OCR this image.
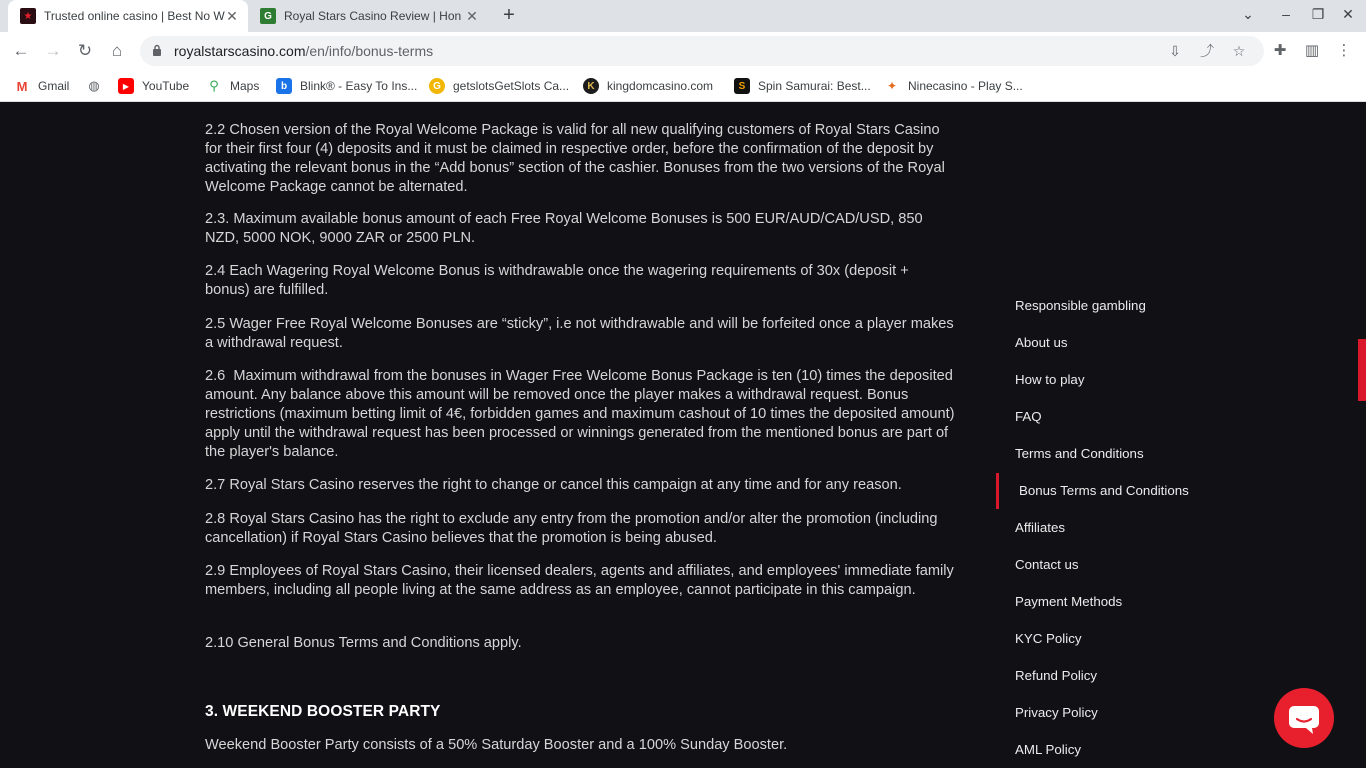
★ Trusted online casino | Best No W ✕	G	Royal Stars Casino Review | Hon ✕ +	⌄	–	❐ ✕
← → ↻	⌂	royalstarscasino.com/en/info/bonus-terms	⇩ ⤴ ☆ ✚ ▥ ⋮
M Gmail ◍	▶	YouTube ⚲ Maps	b	Blink® - Easy To Ins...	G	getslotsGetSlots Ca...	K	kingdomcasino.com	S	Spin Samurai: Best... ✦ Ninecasino - Play S...
2.2 Chosen version of the Royal Welcome Package is valid for all new qualifying customers of Royal Stars Casino for their first four (4) deposits and it must be claimed in respective order, before the confirmation of the deposit by activating the relevant bonus in the “Add bonus” section of the cashier. Bonuses from the two versions of the Royal Welcome Package cannot be alternated.
2.3. Maximum available bonus amount of each Free Royal Welcome Bonuses is 500 EUR/AUD/CAD/USD, 850 NZD, 5000 NOK, 9000 ZAR or 2500 PLN.
2.4 Each Wagering Royal Welcome Bonus is withdrawable once the wagering requirements of 30x (deposit + bonus) are fulfilled.
2.5 Wager Free Royal Welcome Bonuses are “sticky”, i.e not withdrawable and will be forfeited once a player makes a withdrawal request.
2.6  Maximum withdrawal from the bonuses in Wager Free Welcome Bonus Package is ten (10) times the deposited amount. Any balance above this amount will be removed once the player makes a withdrawal request. Bonus restrictions (maximum betting limit of 4€, forbidden games and maximum cashout of 10 times the deposited amount) apply until the withdrawal request has been processed or winnings generated from the mentioned bonus are part of the player's balance.
2.7 Royal Stars Casino reserves the right to change or cancel this campaign at any time and for any reason.
2.8 Royal Stars Casino has the right to exclude any entry from the promotion and/or alter the promotion (including cancellation) if Royal Stars Casino believes that the promotion is being abused.
2.9 Employees of Royal Stars Casino, their licensed dealers, agents and affiliates, and employees' immediate family members, including all people living at the same address as an employee, cannot participate in this campaign.
2.10 General Bonus Terms and Conditions apply.
3. WEEKEND BOOSTER PARTY
Weekend Booster Party consists of a 50% Saturday Booster and a 100% Sunday Booster.
Responsible gambling
About us
How to play
FAQ
Terms and Conditions
Bonus Terms and Conditions
Affiliates
Contact us
Payment Methods
KYC Policy
Refund Policy
Privacy Policy
AML Policy
